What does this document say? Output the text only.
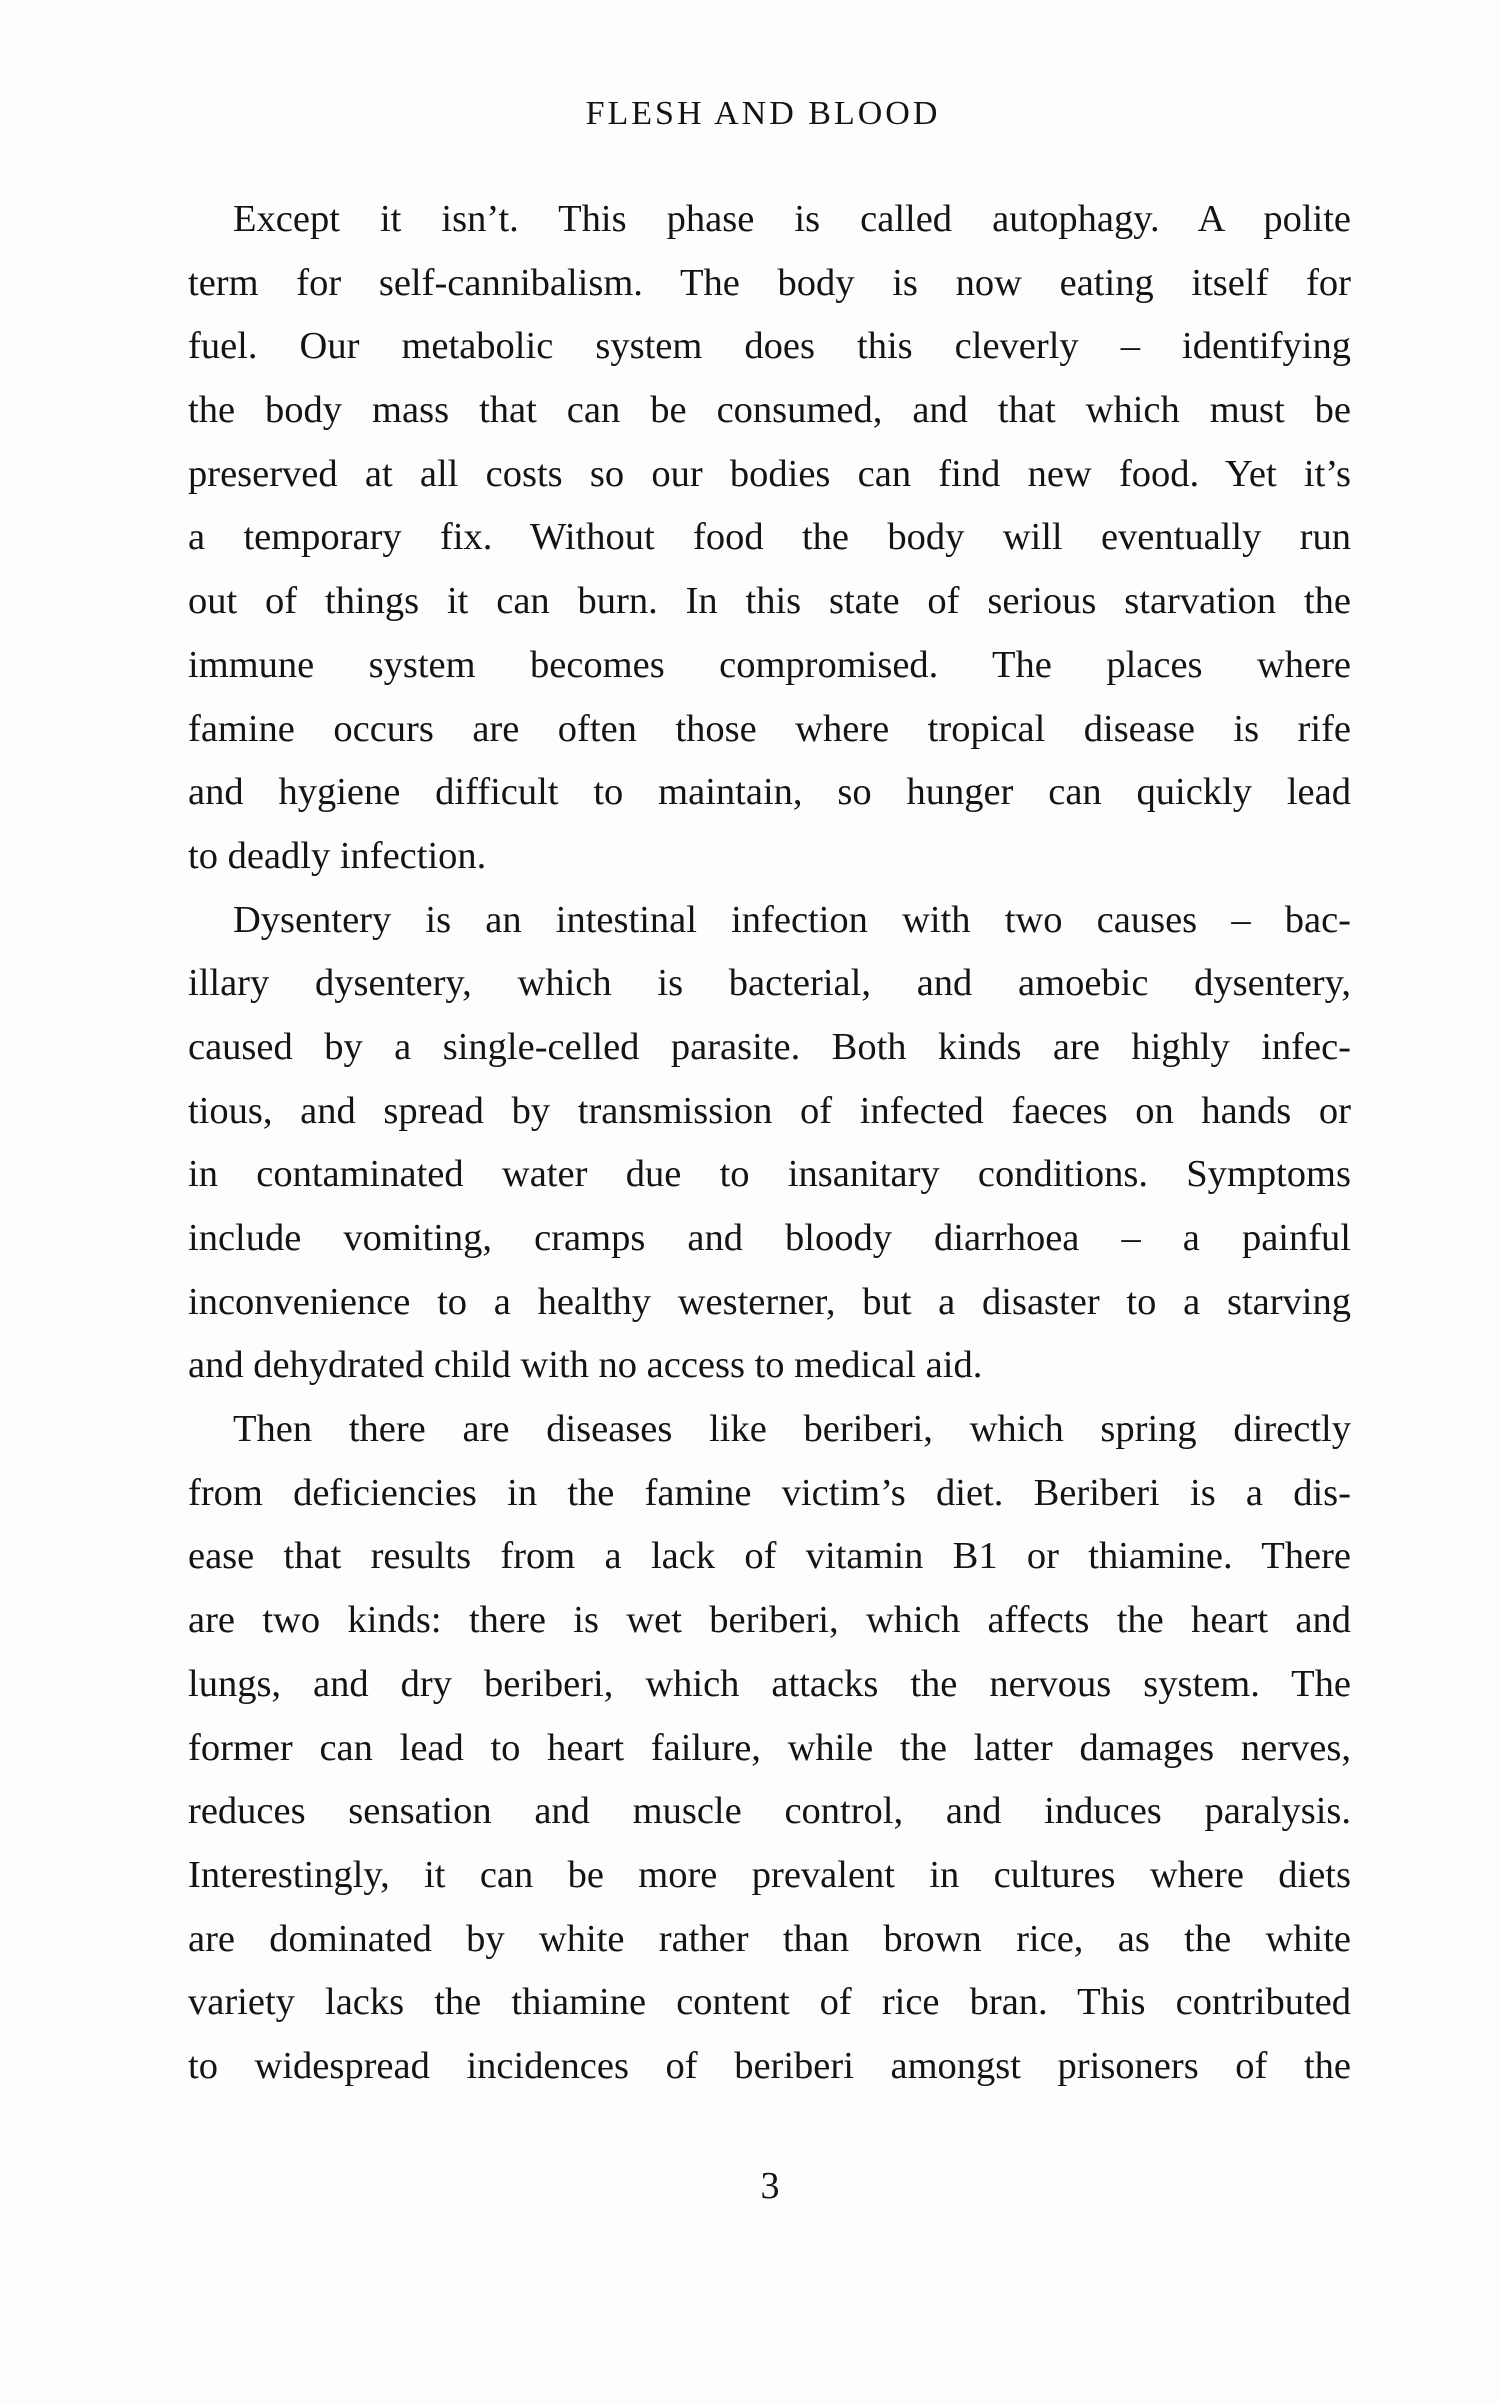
FLESH AND BLOOD
Except it isn’t. This phase is called autophagy. A polite
term for self-cannibalism. The body is now eating itself for
fuel. Our metabolic system does this cleverly – identifying
the body mass that can be consumed, and that which must be
preserved at all costs so our bodies can find new food. Yet it’s
a temporary fix. Without food the body will eventually run
out of things it can burn. In this state of serious starvation the
immune system becomes compromised. The places where
famine occurs are often those where tropical disease is rife
and hygiene difficult to maintain, so hunger can quickly lead
to deadly infection.
Dysentery is an intestinal infection with two causes – bac-
illary dysentery, which is bacterial, and amoebic dysentery,
caused by a single-celled parasite. Both kinds are highly infec-
tious, and spread by transmission of infected faeces on hands or
in contaminated water due to insanitary conditions. Symptoms
include vomiting, cramps and bloody diarrhoea – a painful
inconvenience to a healthy westerner, but a disaster to a starving
and dehydrated child with no access to medical aid.
Then there are diseases like beriberi, which spring directly
from deficiencies in the famine victim’s diet. Beriberi is a dis-
ease that results from a lack of vitamin B1 or thiamine. There
are two kinds: there is wet beriberi, which affects the heart and
lungs, and dry beriberi, which attacks the nervous system. The
former can lead to heart failure, while the latter damages nerves,
reduces sensation and muscle control, and induces paralysis.
Interestingly, it can be more prevalent in cultures where diets
are dominated by white rather than brown rice, as the white
variety lacks the thiamine content of rice bran. This contributed
to widespread incidences of beriberi amongst prisoners of the
3
